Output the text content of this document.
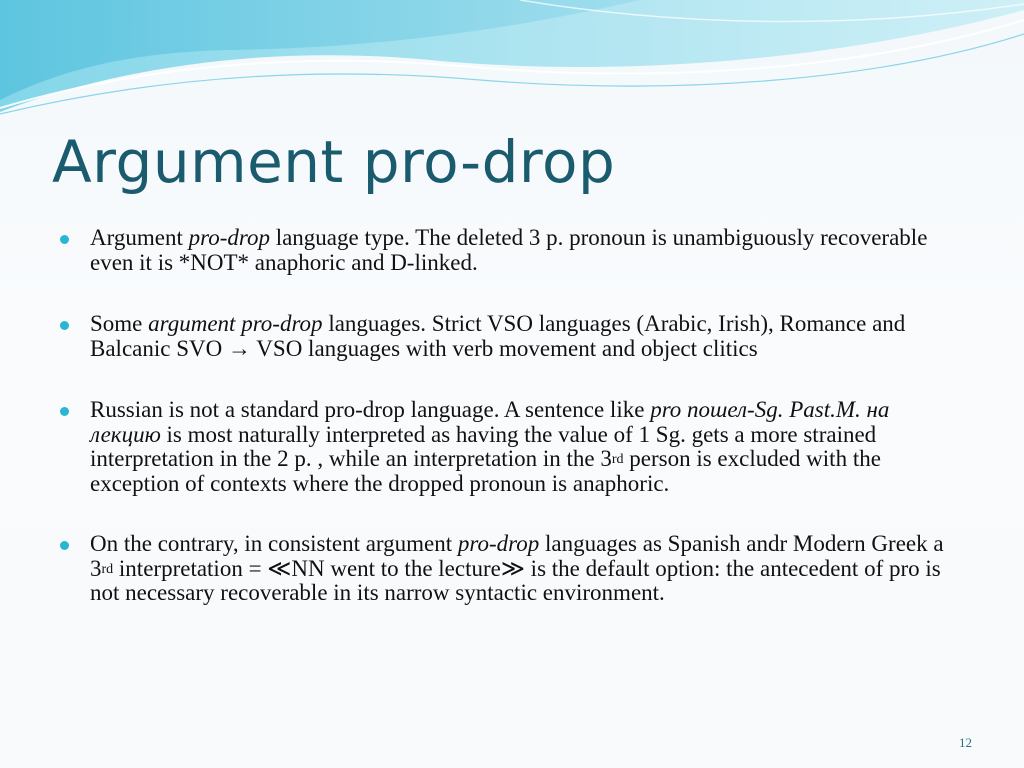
Argument pro-drop
Argument pro-drop language type. The deleted 3 p. pronoun is unambiguously recoverable even it is *NOT* anaphoric and D-linked.
Some argument pro-drop languages. Strict VSO languages (Arabic, Irish), Romance and Balcanic SVO → VSO languages with verb movement and object clitics
Russian is not a standard pro-drop language. A sentence like pro пошел-Sg. Past.M. на лекцию is most naturally interpreted as having the value of 1 Sg. gets a more strained interpretation in the 2 p. , while an interpretation in the 3rd person is excluded with the exception of contexts where the dropped pronoun is anaphoric.
On the contrary, in consistent argument pro-drop languages as Spanish andr Modern Greek a 3rd interpretation = ≪NN went to the lecture≫ is the default option: the antecedent of pro is not necessary recoverable in its narrow syntactic environment.
12
